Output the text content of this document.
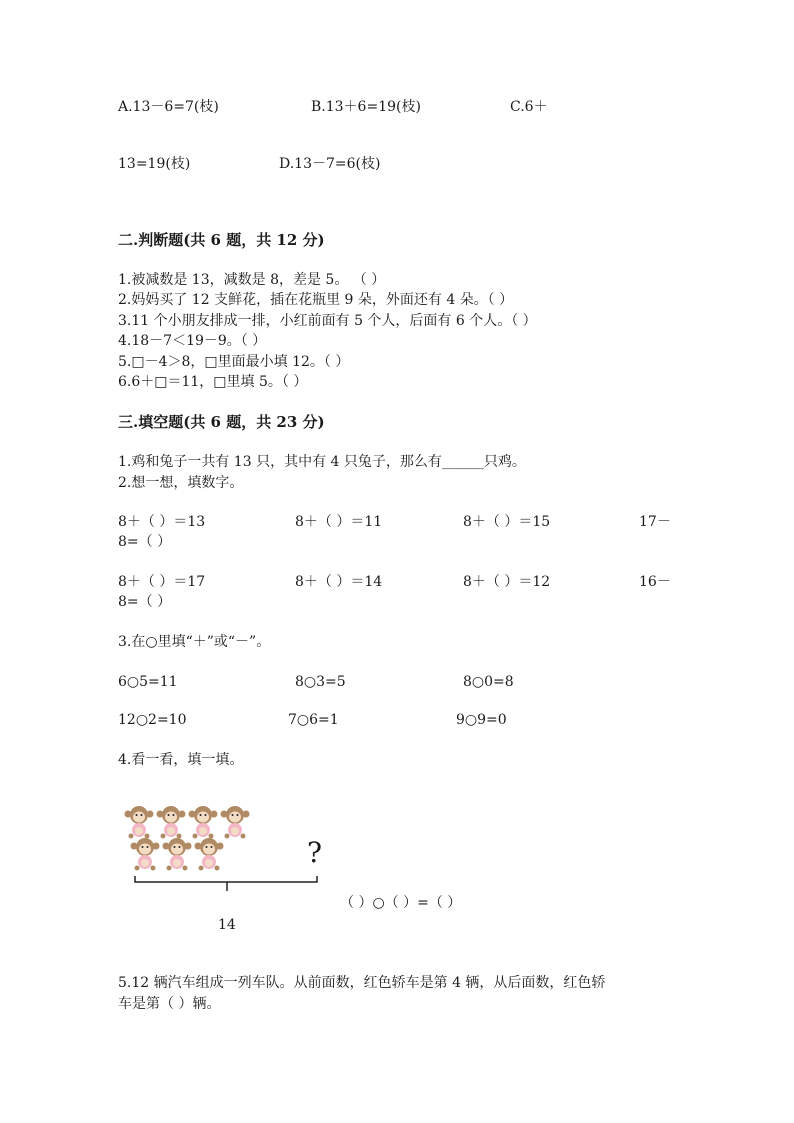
A.13－6=7(枝)	B.13＋6=19(枝)	C.6＋
13=19(枝)	D.13－7=6(枝)
二.判断题(共 6 题，共 12 分)
1.被减数是 13，减数是 8，差是 5。 （ ）
2.妈妈买了 12 支鲜花，插在花瓶里 9 朵，外面还有 4 朵。（ ）
3.11 个小朋友排成一排，小红前面有 5 个人，后面有 6 个人。（ ）
4.18－7＜19－9。（ ）
5.□－4＞8，□里面最小填 12。（ ）
6.6＋□＝11，□里填 5。（ ）
三.填空题(共 6 题，共 23 分)
1.鸡和兔子一共有 13 只，其中有 4 只兔子，那么有______只鸡。
2.想一想，填数字。
8＋（ ）＝13	8＋（ ）＝11	8＋（ ）＝15	17－
8=（ ）
8＋（ ）＝17	8＋（ ）＝14	8＋（ ）＝12	16－
8=（ ）
3.在○里填“＋”或“－”。
6○5=11	8○3=5	8○0=8
12○2=10	7○6=1	9○9=0
4.看一看，填一填。
?
14
（ ）○（ ）=（ ）
5.12 辆汽车组成一列车队。从前面数，红色轿车是第 4 辆，从后面数，红色轿
车是第（ ）辆。
